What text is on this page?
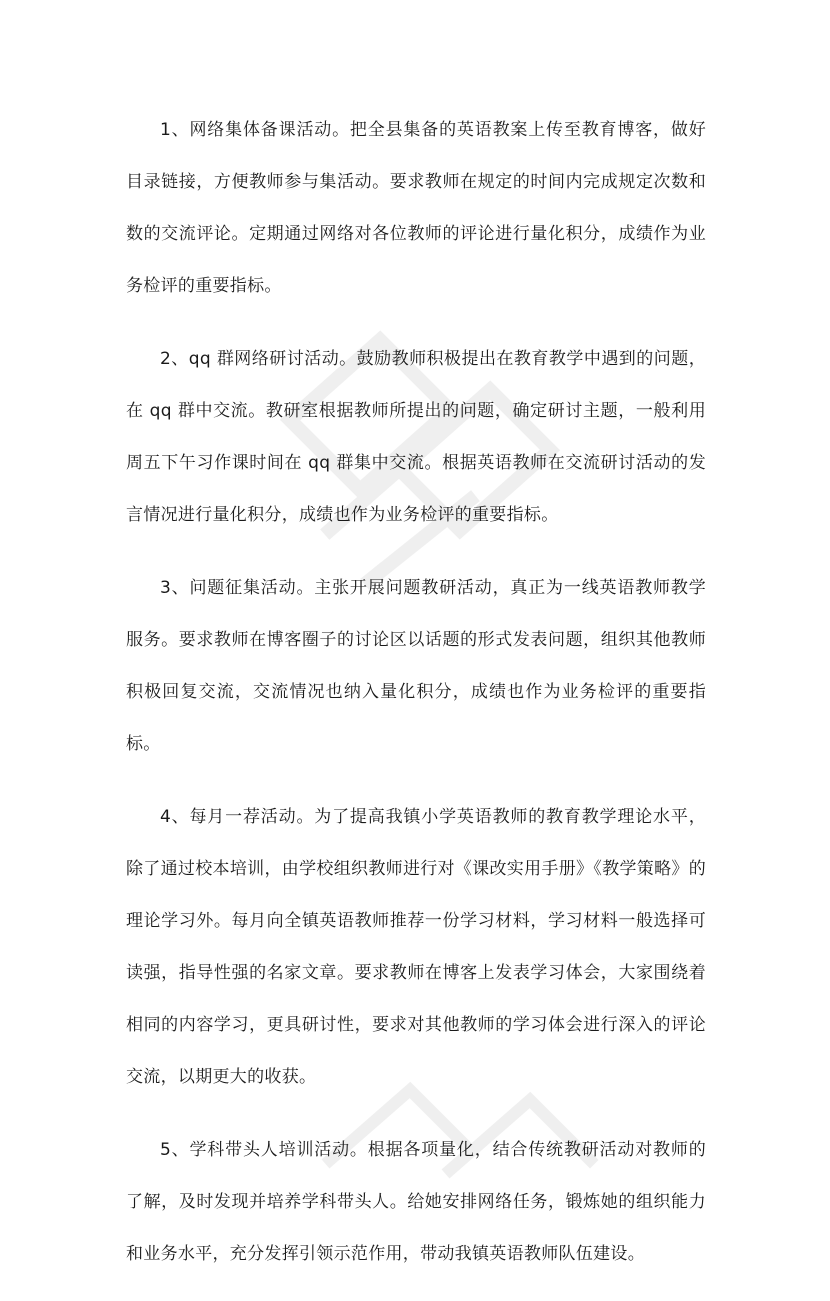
1、网络集体备课活动。把全县集备的英语教案上传至教育博客，做好目录链接，方便教师参与集活动。要求教师在规定的时间内完成规定次数和数的交流评论。定期通过网络对各位教师的评论进行量化积分，成绩作为业务检评的重要指标。

2、qq 群网络研讨活动。鼓励教师积极提出在教育教学中遇到的问题，在 qq 群中交流。教研室根据教师所提出的问题，确定研讨主题，一般利用周五下午习作课时间在 qq 群集中交流。根据英语教师在交流研讨活动的发言情况进行量化积分，成绩也作为业务检评的重要指标。

3、问题征集活动。主张开展问题教研活动，真正为一线英语教师教学服务。要求教师在博客圈子的讨论区以话题的形式发表问题，组织其他教师积极回复交流，交流情况也纳入量化积分，成绩也作为业务检评的重要指标。

4、每月一荐活动。为了提高我镇小学英语教师的教育教学理论水平，除了通过校本培训，由学校组织教师进行对《课改实用手册》《教学策略》的理论学习外。每月向全镇英语教师推荐一份学习材料，学习材料一般选择可读强，指导性强的名家文章。要求教师在博客上发表学习体会，大家围绕着相同的内容学习，更具研讨性，要求对其他教师的学习体会进行深入的评论交流，以期更大的收获。

5、学科带头人培训活动。根据各项量化，结合传统教研活动对教师的了解，及时发现并培养学科带头人。给她安排网络任务，锻炼她的组织能力和业务水平，充分发挥引领示范作用，带动我镇英语教师队伍建设。
